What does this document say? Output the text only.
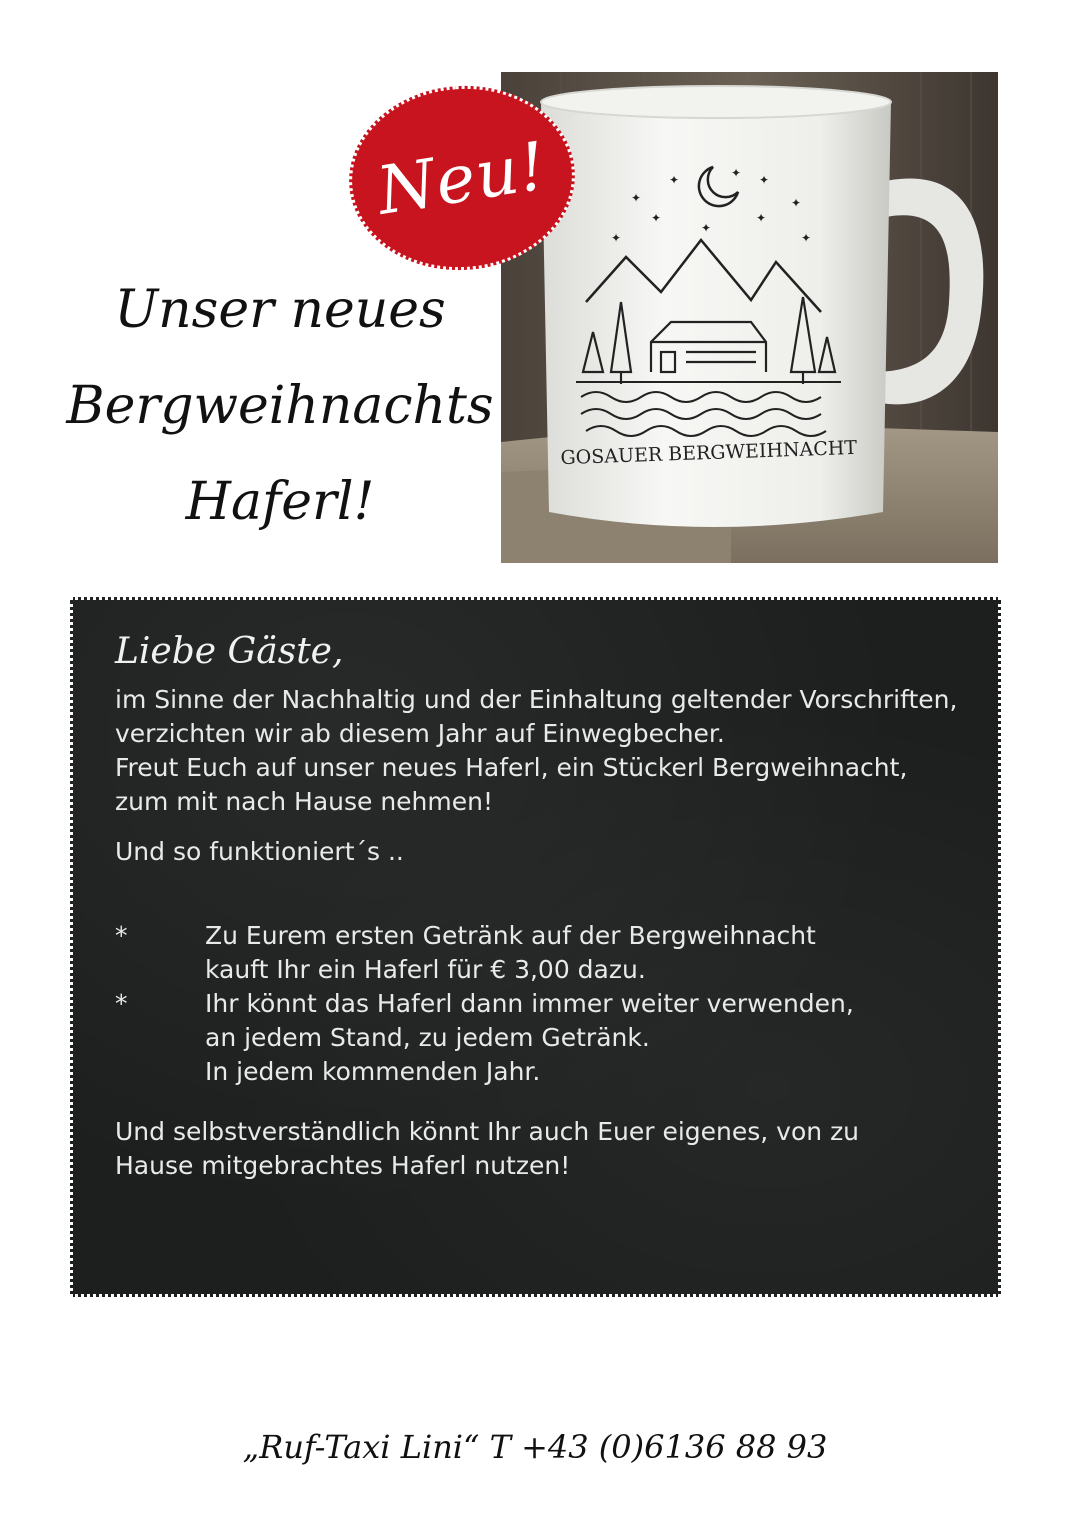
✦	✦ ✦
✦	✦
✦	✦
✦	✦
✦
GOSAUER BERGWEIHNACHT
Neu!
Unser neues
Bergweihnachts
Haferl!
Liebe Gäste,

im Sinne der Nachhaltig und der Einhaltung geltender Vorschriften,

verzichten wir ab diesem Jahr auf Einwegbecher.

Freut Euch auf unser neues Haferl, ein Stückerl Bergweihnacht,

zum mit nach Hause nehmen!

Und so funktioniert´s ..

*	Zu Eurem ersten Getränk auf der Bergweihnacht

kauft Ihr ein Haferl für € 3,00 dazu.

*	Ihr könnt das Haferl dann immer weiter verwenden,

an jedem Stand, zu jedem Getränk.

In jedem kommenden Jahr.

Und selbstverständlich könnt Ihr auch Euer eigenes, von zu

Hause mitgebrachtes Haferl nutzen!

„Ruf-Taxi Lini“ T +43 (0)6136 88 93
